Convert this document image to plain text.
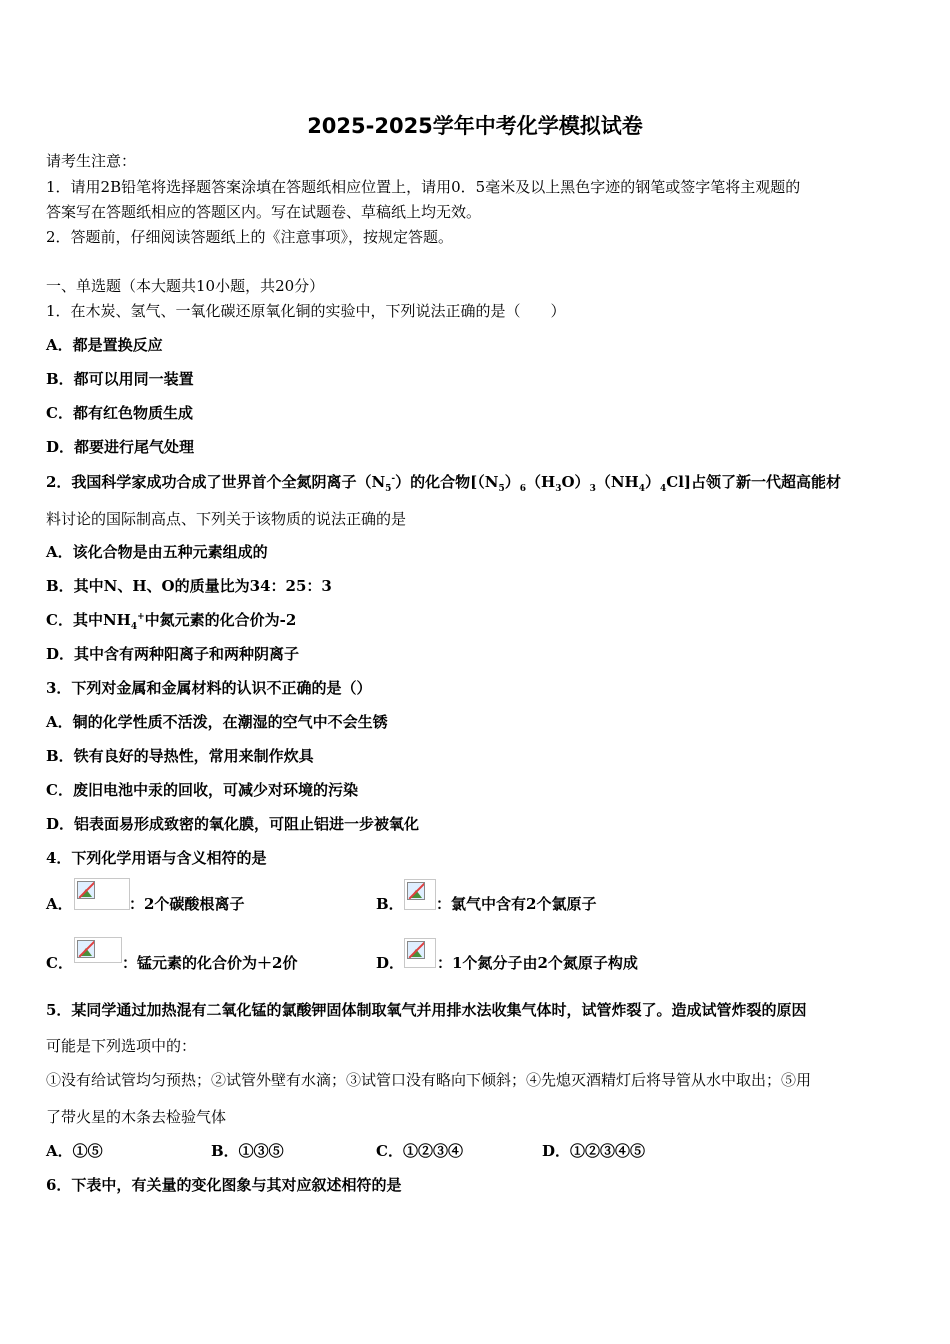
2025-2025学年中考化学模拟试卷
请考生注意：
1．请用2B铅笔将选择题答案涂填在答题纸相应位置上，请用0．5毫米及以上黑色字迹的钢笔或签字笔将主观题的
答案写在答题纸相应的答题区内。写在试题卷、草稿纸上均无效。
2．答题前，仔细阅读答题纸上的《注意事项》，按规定答题。
一、单选题（本大题共10小题，共20分）
1．在木炭、氢气、一氧化碳还原氧化铜的实验中，下列说法正确的是（　　）
A．都是置换反应
B．都可以用同一装置
C．都有红色物质生成
D．都要进行尾气处理
2．我国科学家成功合成了世界首个全氮阴离子$(N_5^-)$的化合物$[(N_5)_6(H_3O)_3(NH_4)_4Cl]$占领了新一代超高能材
料讨论的国际制高点、下列关于该物质的说法正确的是
A．该化合物是由五种元素组成的
B．其中N、H、O的质量比为34：25：3
C．其中$NH_4^+$中氮元素的化合价为-2
D．其中含有两种阳离子和两种阴离子
3．下列对金属和金属材料的认识不正确的是（）
A．铜的化学性质不活泼，在潮湿的空气中不会生锈
B．铁有良好的导热性，常用来制作炊具
C．废旧电池中汞的回收，可减少对环境的污染
D．铝表面易形成致密的氧化膜，可阻止铝进一步被氧化
4．下列化学用语与含义相符的是
A．	：2个碳酸根离子	B． ：氯气中含有2个氯原子
C．	：锰元素的化合价为＋2价	D． ：1个氮分子由2个氮原子构成
5．某同学通过加热混有二氧化锰的氯酸钾固体制取氧气并用排水法收集气体时，试管炸裂了。造成试管炸裂的原因
可能是下列选项中的：
①没有给试管均匀预热；②试管外壁有水滴；③试管口没有略向下倾斜；④先熄灭酒精灯后将导管从水中取出；⑤用
了带火星的木条去检验气体
A．①⑤	B．①③⑤	C．①②③④	D．①②③④⑤
6．下表中，有关量的变化图象与其对应叙述相符的是
